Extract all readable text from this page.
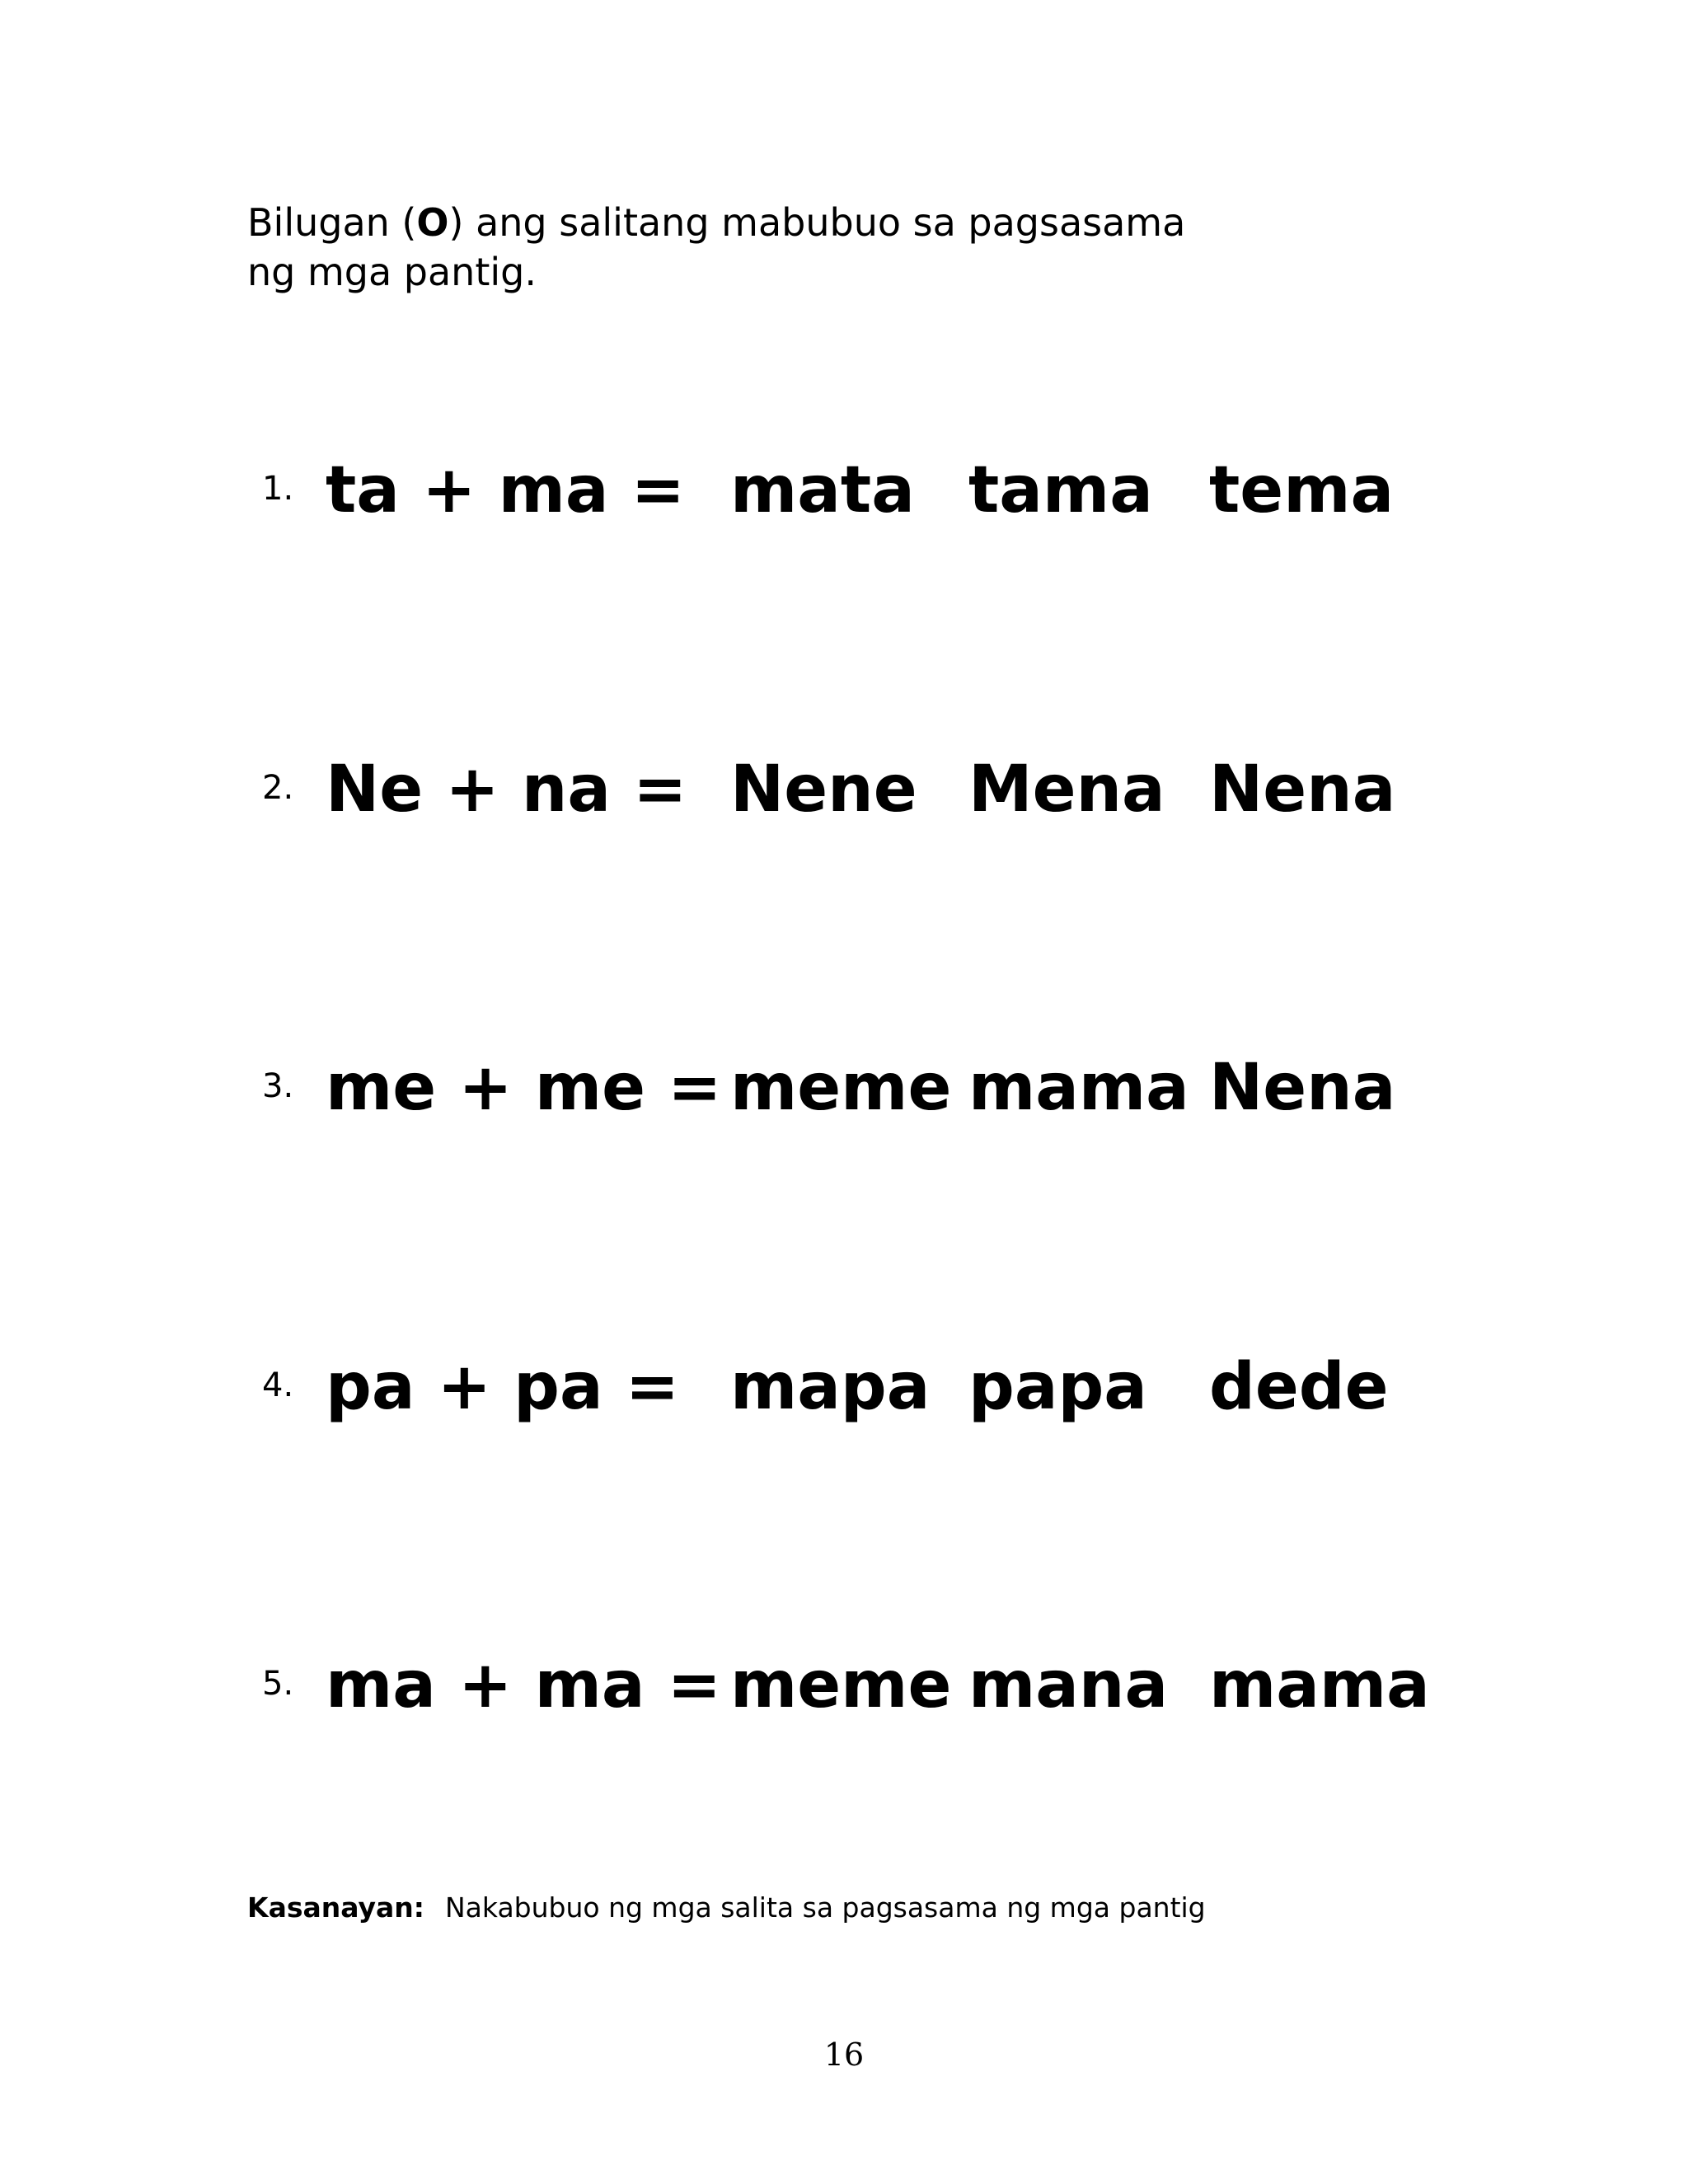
Bilugan (O) ang salitang mabubuo sa pagsasama
ng mga pantig.
1. ta + ma = mata tama tema
2. Ne + na = Nene Mena Nena
3. me + me = meme mama Nena
4. pa + pa = mapa papa dede
5. ma + ma = meme mana mama
Kasanayan: Nakabubuo ng mga salita sa pagsasama ng mga pantig
16
